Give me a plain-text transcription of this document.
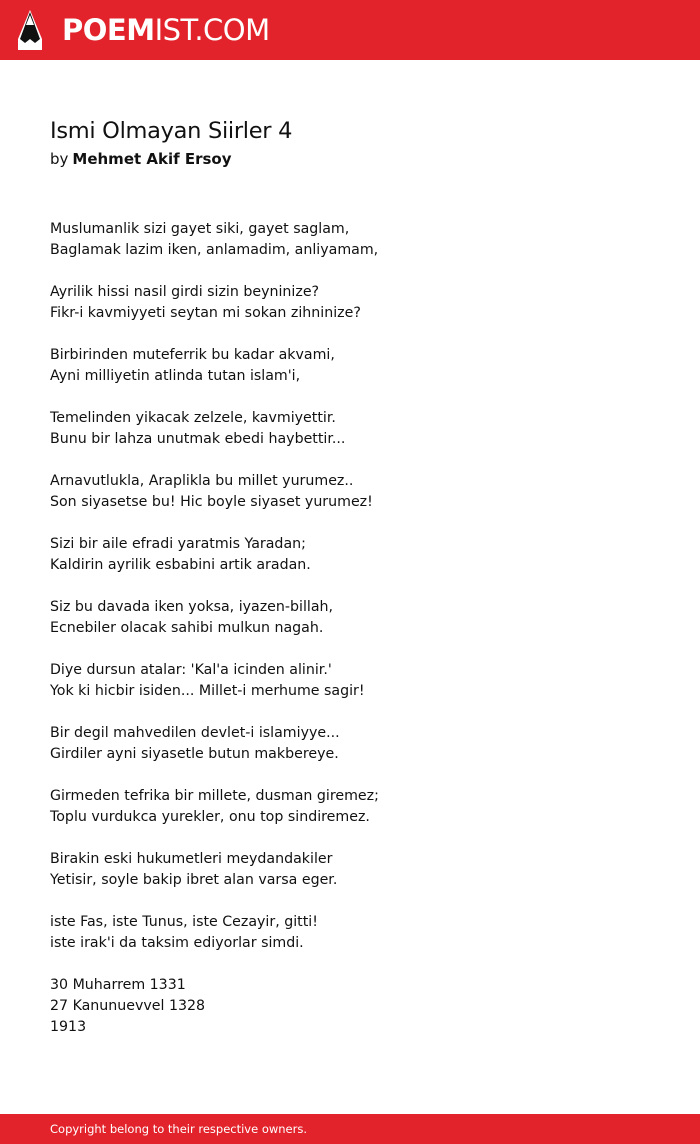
POEMIST.COM
Ismi Olmayan Siirler 4
by Mehmet Akif Ersoy

Muslumanlik sizi gayet siki, gayet saglam,
Baglamak lazim iken, anlamadim, anliyamam,

Ayrilik hissi nasil girdi sizin beyninize?
Fikr-i kavmiyyeti seytan mi sokan zihninize?

Birbirinden muteferrik bu kadar akvami,
Ayni milliyetin atlinda tutan islam'i,

Temelinden yikacak zelzele, kavmiyettir.
Bunu bir lahza unutmak ebedi haybettir...

Arnavutlukla, Araplikla bu millet yurumez..
Son siyasetse bu! Hic boyle siyaset yurumez!

Sizi bir aile efradi yaratmis Yaradan;
Kaldirin ayrilik esbabini artik aradan.

Siz bu davada iken yoksa, iyazen-billah,
Ecnebiler olacak sahibi mulkun nagah.

Diye dursun atalar: 'Kal'a icinden alinir.'
Yok ki hicbir isiden... Millet-i merhume sagir!

Bir degil mahvedilen devlet-i islamiyye...
Girdiler ayni siyasetle butun makbereye.

Girmeden tefrika bir millete, dusman giremez;
Toplu vurdukca yurekler, onu top sindiremez.

Birakin eski hukumetleri meydandakiler
Yetisir, soyle bakip ibret alan varsa eger.

iste Fas, iste Tunus, iste Cezayir, gitti!
iste irak'i da taksim ediyorlar simdi.

30 Muharrem 1331
27 Kanunuevvel 1328
1913

Copyright belong to their respective owners.
